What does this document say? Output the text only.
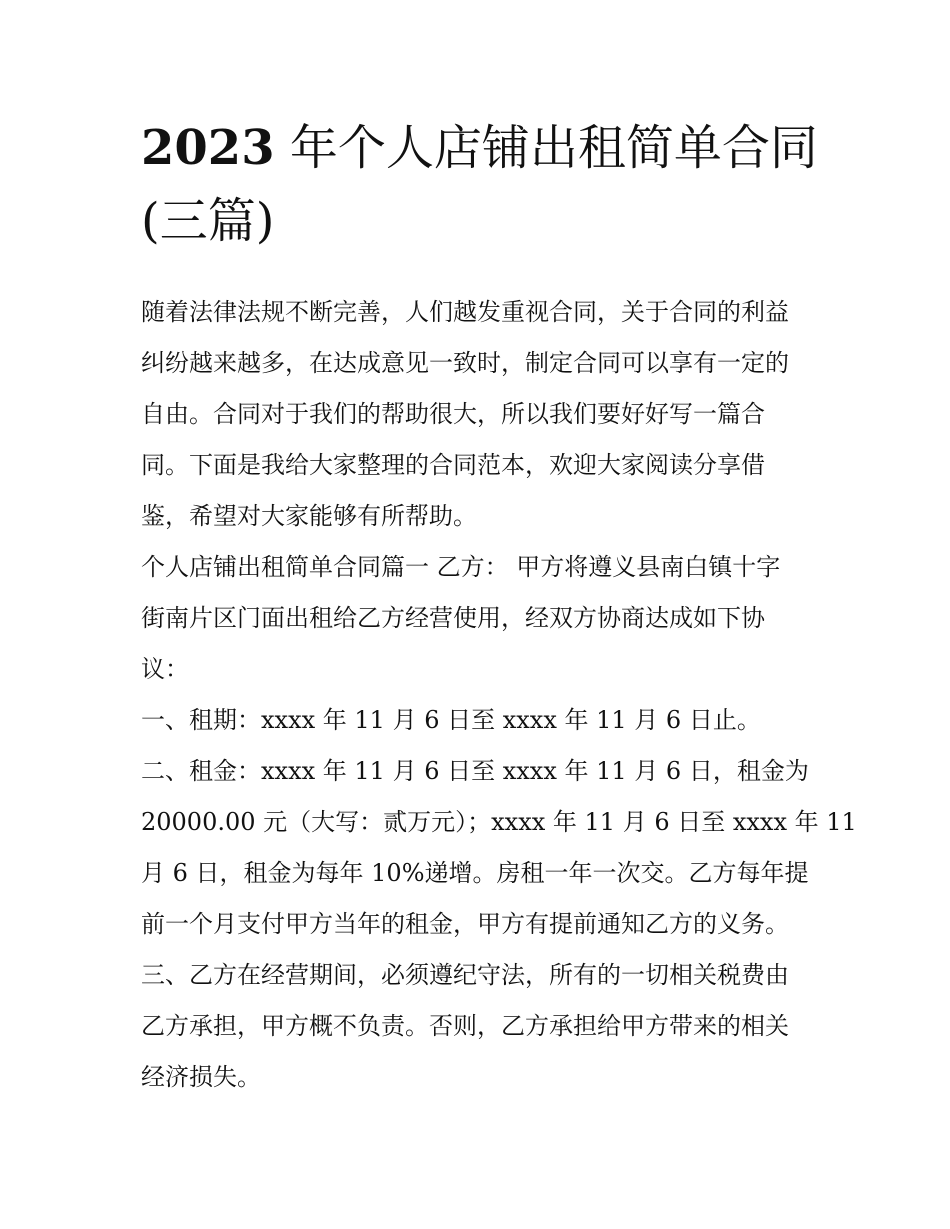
2023 年个人店铺出租简单合同
(三篇)
随着法律法规不断完善，人们越发重视合同，关于合同的利益
纠纷越来越多，在达成意见一致时，制定合同可以享有一定的
自由。合同对于我们的帮助很大，所以我们要好好写一篇合
同。下面是我给大家整理的合同范本，欢迎大家阅读分享借
鉴，希望对大家能够有所帮助。
个人店铺出租简单合同篇一 乙方： 甲方将遵义县南白镇十字
街南片区门面出租给乙方经营使用，经双方协商达成如下协
议：
一、租期：xxxx 年 11 月 6 日至 xxxx 年 11 月 6 日止。
二、租金：xxxx 年 11 月 6 日至 xxxx 年 11 月 6 日，租金为
20000.00 元（大写：贰万元）；xxxx 年 11 月 6 日至 xxxx 年 11
月 6 日，租金为每年 10%递增。房租一年一次交。乙方每年提
前一个月支付甲方当年的租金，甲方有提前通知乙方的义务。
三、乙方在经营期间，必须遵纪守法，所有的一切相关税费由
乙方承担，甲方概不负责。否则，乙方承担给甲方带来的相关
经济损失。
